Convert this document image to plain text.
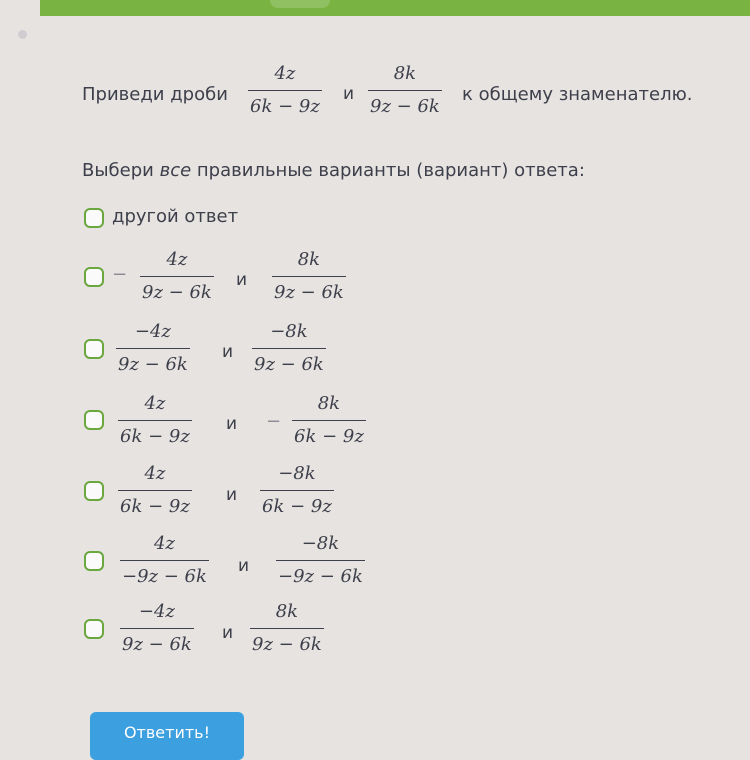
Приведи дроби
4z
6k − 9z
и
8k
9z − 6k
к общему знаменателю.
Выбери все правильные варианты (вариант) ответа:
другой ответ
−
4z
9z − 6k
и
8k
9z − 6k
−4z
9z − 6k
и
−8k
9z − 6k
4z
6k − 9z
и −
8k
6k − 9z
4z
6k − 9z
и
−8k
6k − 9z
4z
−9z − 6k и
−8k
−9z − 6k
−4z
9z − 6k
и
8k
9z − 6k
Ответить!
